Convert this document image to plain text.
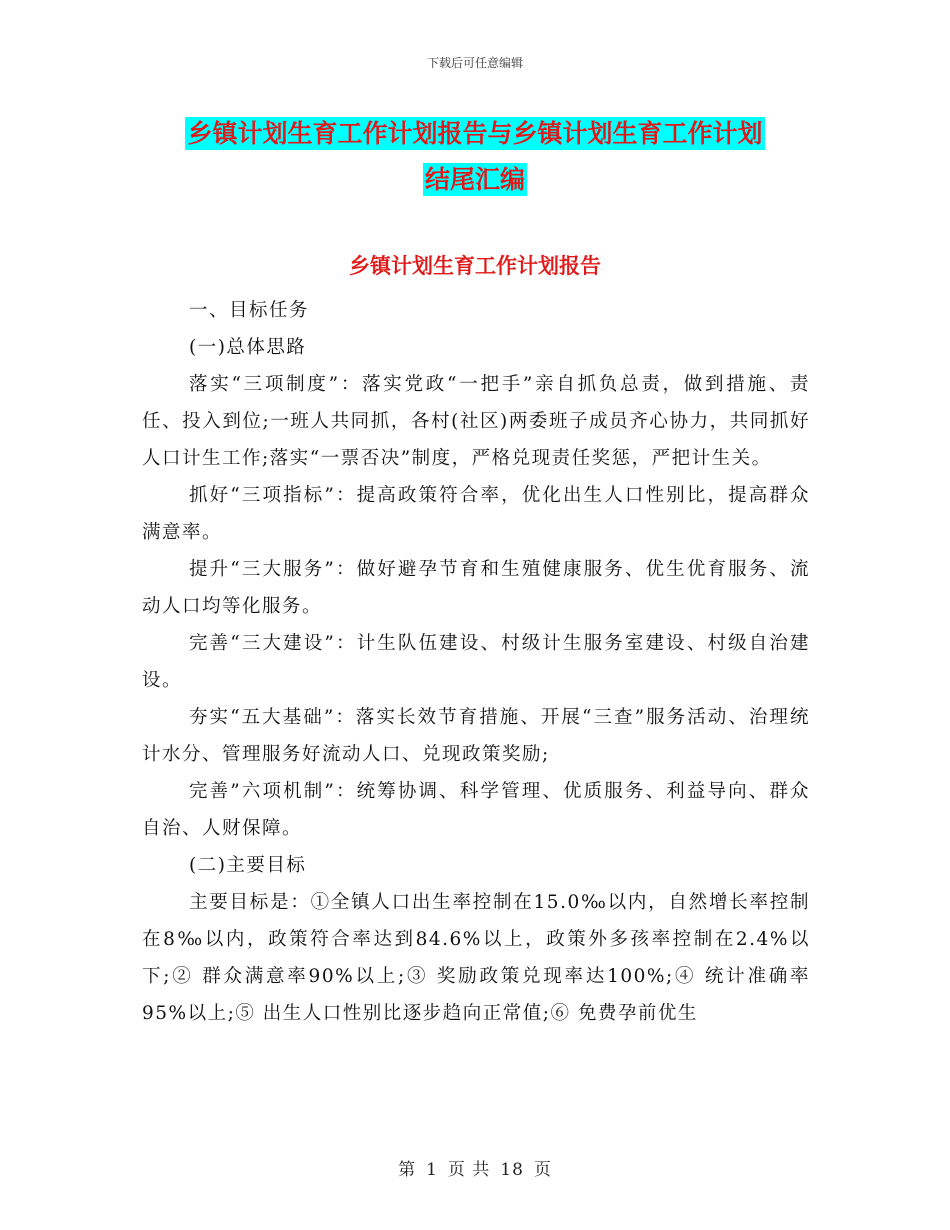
下载后可任意编辑
乡镇计划生育工作计划报告与乡镇计划生育工作计划
结尾汇编
乡镇计划生育工作计划报告

一、目标任务

(一)总体思路

落实“三项制度”：落实党政“一把手”亲自抓负总责，做到措施、责任、投入到位;一班人共同抓，各村(社区)两委班子成员齐心协力，共同抓好人口计生工作;落实“一票否决”制度，严格兑现责任奖惩，严把计生关。

抓好“三项指标”：提高政策符合率，优化出生人口性别比，提高群众满意率。

提升“三大服务”：做好避孕节育和生殖健康服务、优生优育服务、流动人口均等化服务。

完善“三大建设”：计生队伍建设、村级计生服务室建设、村级自治建设。

夯实“五大基础”：落实长效节育措施、开展“三查”服务活动、治理统计水分、管理服务好流动人口、兑现政策奖励;

完善”六项机制”：统筹协调、科学管理、优质服务、利益导向、群众自治、人财保障。

(二)主要目标

主要目标是：①全镇人口出生率控制在15.0‰以内，自然增长率控制在8‰以内，政策符合率达到84.6%以上，政策外多孩率控制在2.4%以下;② 群众满意率90%以上;③ 奖励政策兑现率达100%;④ 统计准确率95%以上;⑤ 出生人口性别比逐步趋向正常值;⑥ 免费孕前优生

第 1 页 共 18 页
